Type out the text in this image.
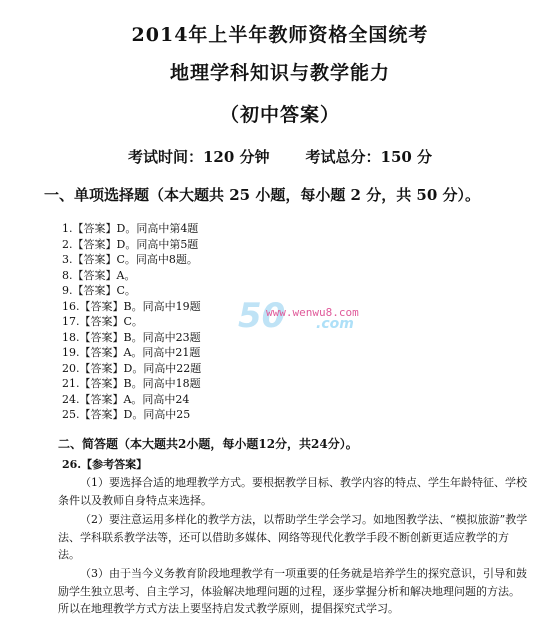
2014年上半年教师资格全国统考
地理学科知识与教学能力
（初中答案）
考试时间：120 分钟 考试总分：150 分
一、单项选择题（本大题共 25 小题，每小题 2 分，共 50 分）。
1.【答案】D。同高中第4题
2.【答案】D。同高中第5题
3.【答案】C。同高中8题。
8.【答案】A。
9.【答案】C。
16.【答案】B。同高中19题
17.【答案】C。
18.【答案】B。同高中23题
19.【答案】A。同高中21题
20.【答案】D。同高中22题
21.【答案】B。同高中18题
24.【答案】A。同高中24
25.【答案】D。同高中25
50
www.wenwu8.com
.com
二、简答题（本大题共2小题，每小题12分，共24分）。
26.【参考答案】
（1）要选择合适的地理教学方式。要根据教学目标、教学内容的特点、学生年龄特征、学校条件以及教师自身特点来选择。
（2）要注意运用多样化的教学方法，以帮助学生学会学习。如地图教学法、“模拟旅游”教学法、学科联系教学法等，还可以借助多媒体、网络等现代化教学手段不断创新更适应教学的方法。
（3）由于当今义务教育阶段地理教学有一项重要的任务就是培养学生的探究意识，引导和鼓励学生独立思考、自主学习，体验解决地理问题的过程，逐步掌握分析和解决地理问题的方法。所以在地理教学方式方法上要坚持启发式教学原则，提倡探究式学习。
